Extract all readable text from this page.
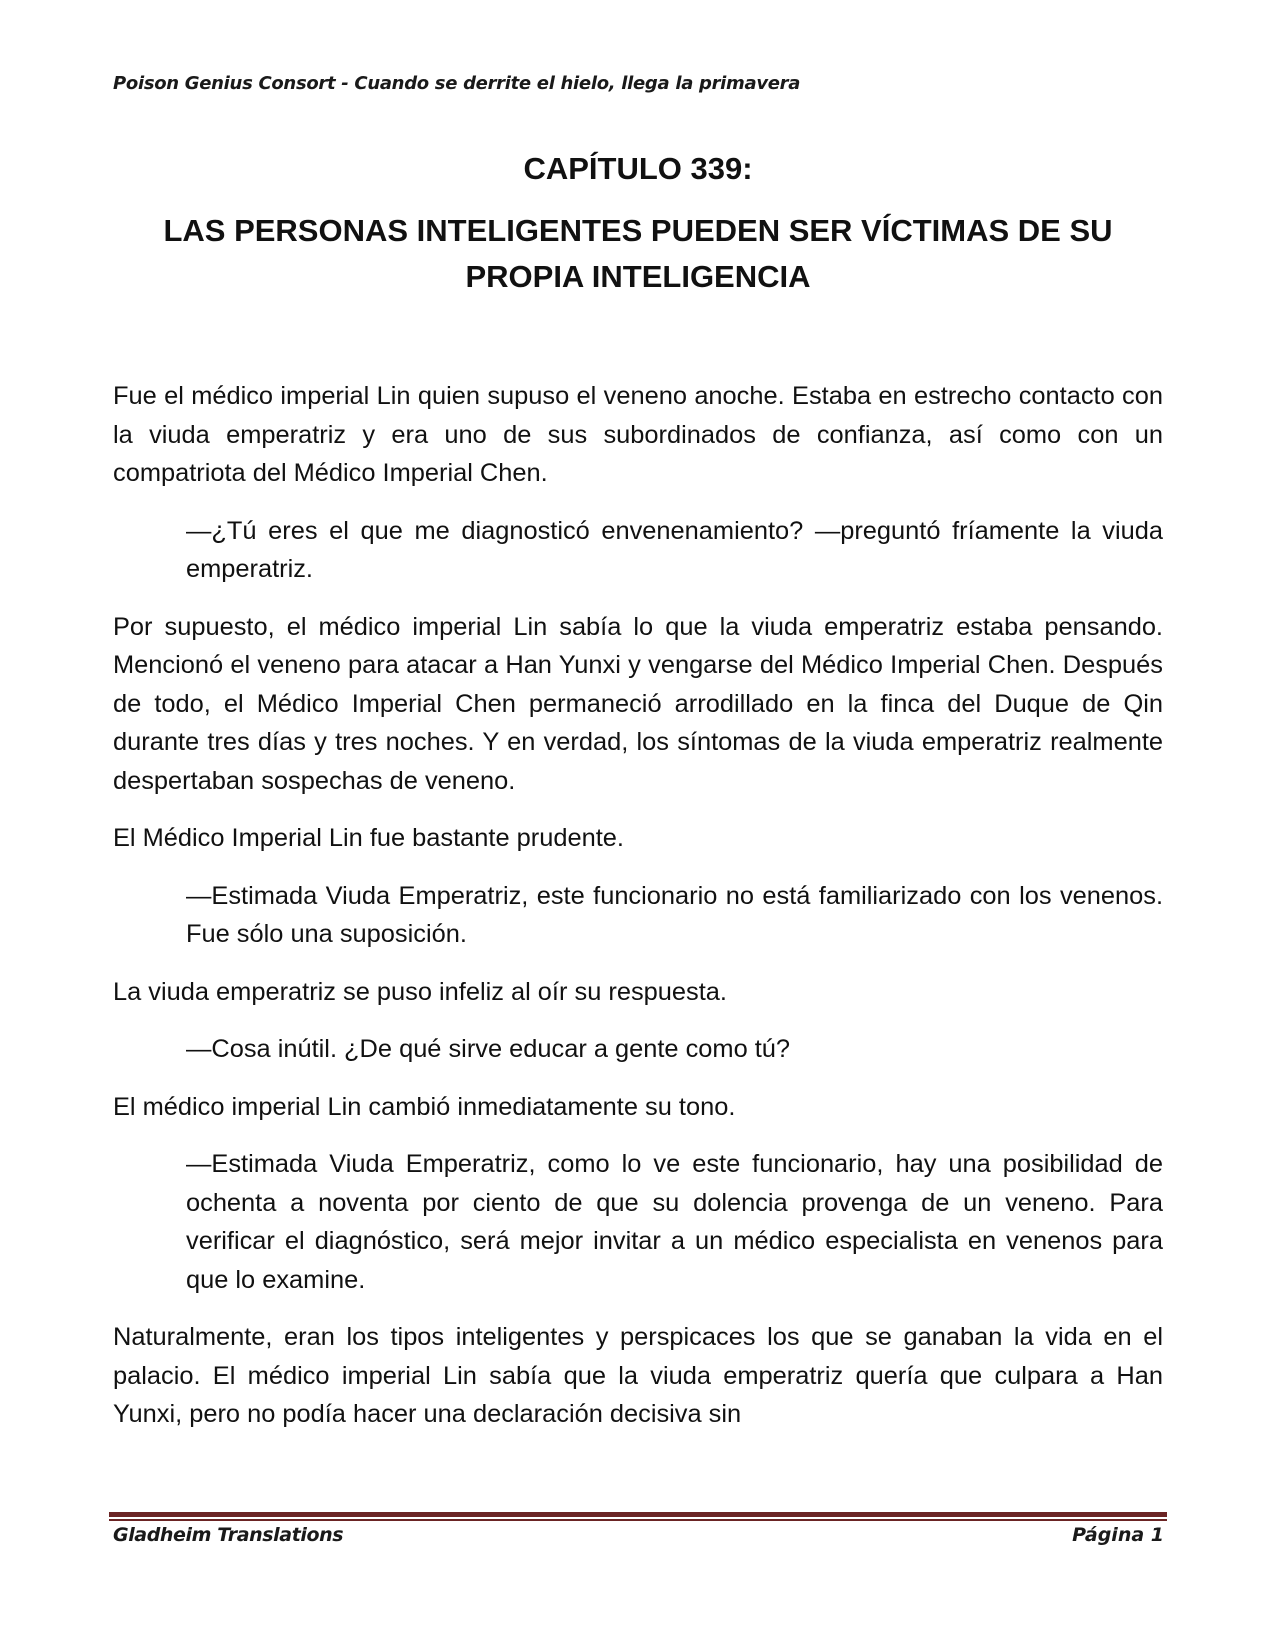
Poison Genius Consort - Cuando se derrite el hielo, llega la primavera
CAPÍTULO 339:
LAS PERSONAS INTELIGENTES PUEDEN SER VÍCTIMAS DE SU PROPIA INTELIGENCIA

Fue el médico imperial Lin quien supuso el veneno anoche. Estaba en estrecho contacto con la viuda emperatriz y era uno de sus subordinados de confianza, así como con un compatriota del Médico Imperial Chen.

—¿Tú eres el que me diagnosticó envenenamiento? —preguntó fríamente la viuda emperatriz.

Por supuesto, el médico imperial Lin sabía lo que la viuda emperatriz estaba pensando. Mencionó el veneno para atacar a Han Yunxi y vengarse del Médico Imperial Chen. Después de todo, el Médico Imperial Chen permaneció arrodillado en la finca del Duque de Qin durante tres días y tres noches. Y en verdad, los síntomas de la viuda emperatriz realmente despertaban sospechas de veneno.

El Médico Imperial Lin fue bastante prudente.

—Estimada Viuda Emperatriz, este funcionario no está familiarizado con los venenos. Fue sólo una suposición.

La viuda emperatriz se puso infeliz al oír su respuesta.

—Cosa inútil. ¿De qué sirve educar a gente como tú?

El médico imperial Lin cambió inmediatamente su tono.

—Estimada Viuda Emperatriz, como lo ve este funcionario, hay una posibilidad de ochenta a noventa por ciento de que su dolencia provenga de un veneno. Para verificar el diagnóstico, será mejor invitar a un médico especialista en venenos para que lo examine.

Naturalmente, eran los tipos inteligentes y perspicaces los que se ganaban la vida en el palacio. El médico imperial Lin sabía que la viuda emperatriz quería que culpara a Han Yunxi, pero no podía hacer una declaración decisiva sin

Gladheim Translations	Página 1
